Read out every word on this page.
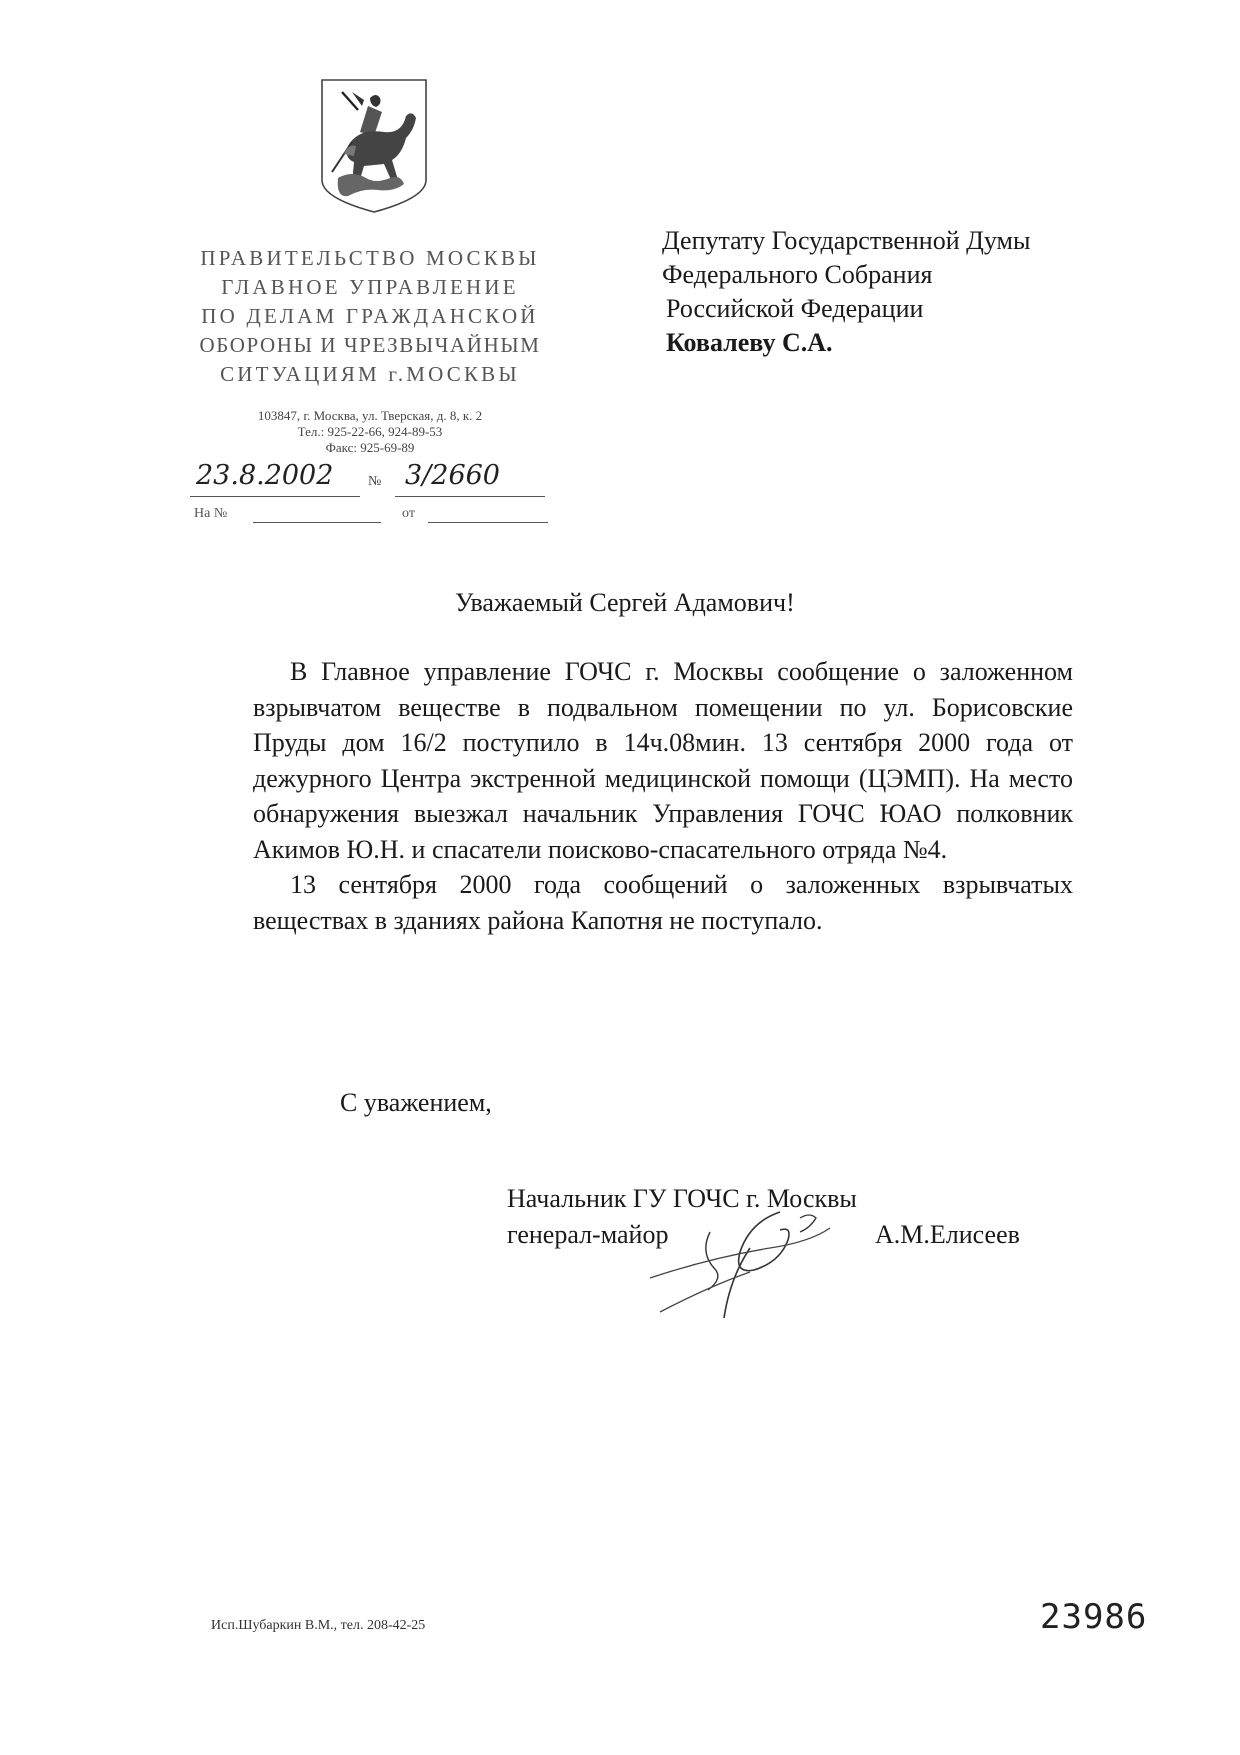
ПРАВИТЕЛЬСТВО МОСКВЫ
ГЛАВНОЕ УПРАВЛЕНИЕ
ПО ДЕЛАМ ГРАЖДАНСКОЙ
ОБОРОНЫ И ЧРЕЗВЫЧАЙНЫМ
СИТУАЦИЯМ г.МОСКВЫ
103847, г. Москва, ул. Тверская, д. 8, к. 2
Тел.: 925-22-66, 924-89-53
Факс: 925-69-89
23.8.2002 № 3/2660
На №	от
Депутату Государственной Думы
Федерального Собрания
Российской Федерации
Ковалеву С.А.
Уважаемый Сергей Адамович!

В Главное управление ГОЧС г. Москвы сообщение о заложенном взрывчатом веществе в подвальном помещении по ул. Борисовские Пруды дом 16/2 поступило в 14ч.08мин. 13 сентября 2000 года от дежурного Центра экстренной медицинской помощи (ЦЭМП). На место обнаружения выезжал начальник Управления ГОЧС ЮАО полковник Акимов Ю.Н. и спасатели поисково-спасательного отряда №4.

13 сентября 2000 года сообщений о заложенных взрывчатых веществах в зданиях района Капотня не поступало.

С уважением,
Начальник ГУ ГОЧС г. Москвы
генерал-майор	А.М.Елисеев
Исп.Шубаркин В.М., тел. 208-42-25	23986
